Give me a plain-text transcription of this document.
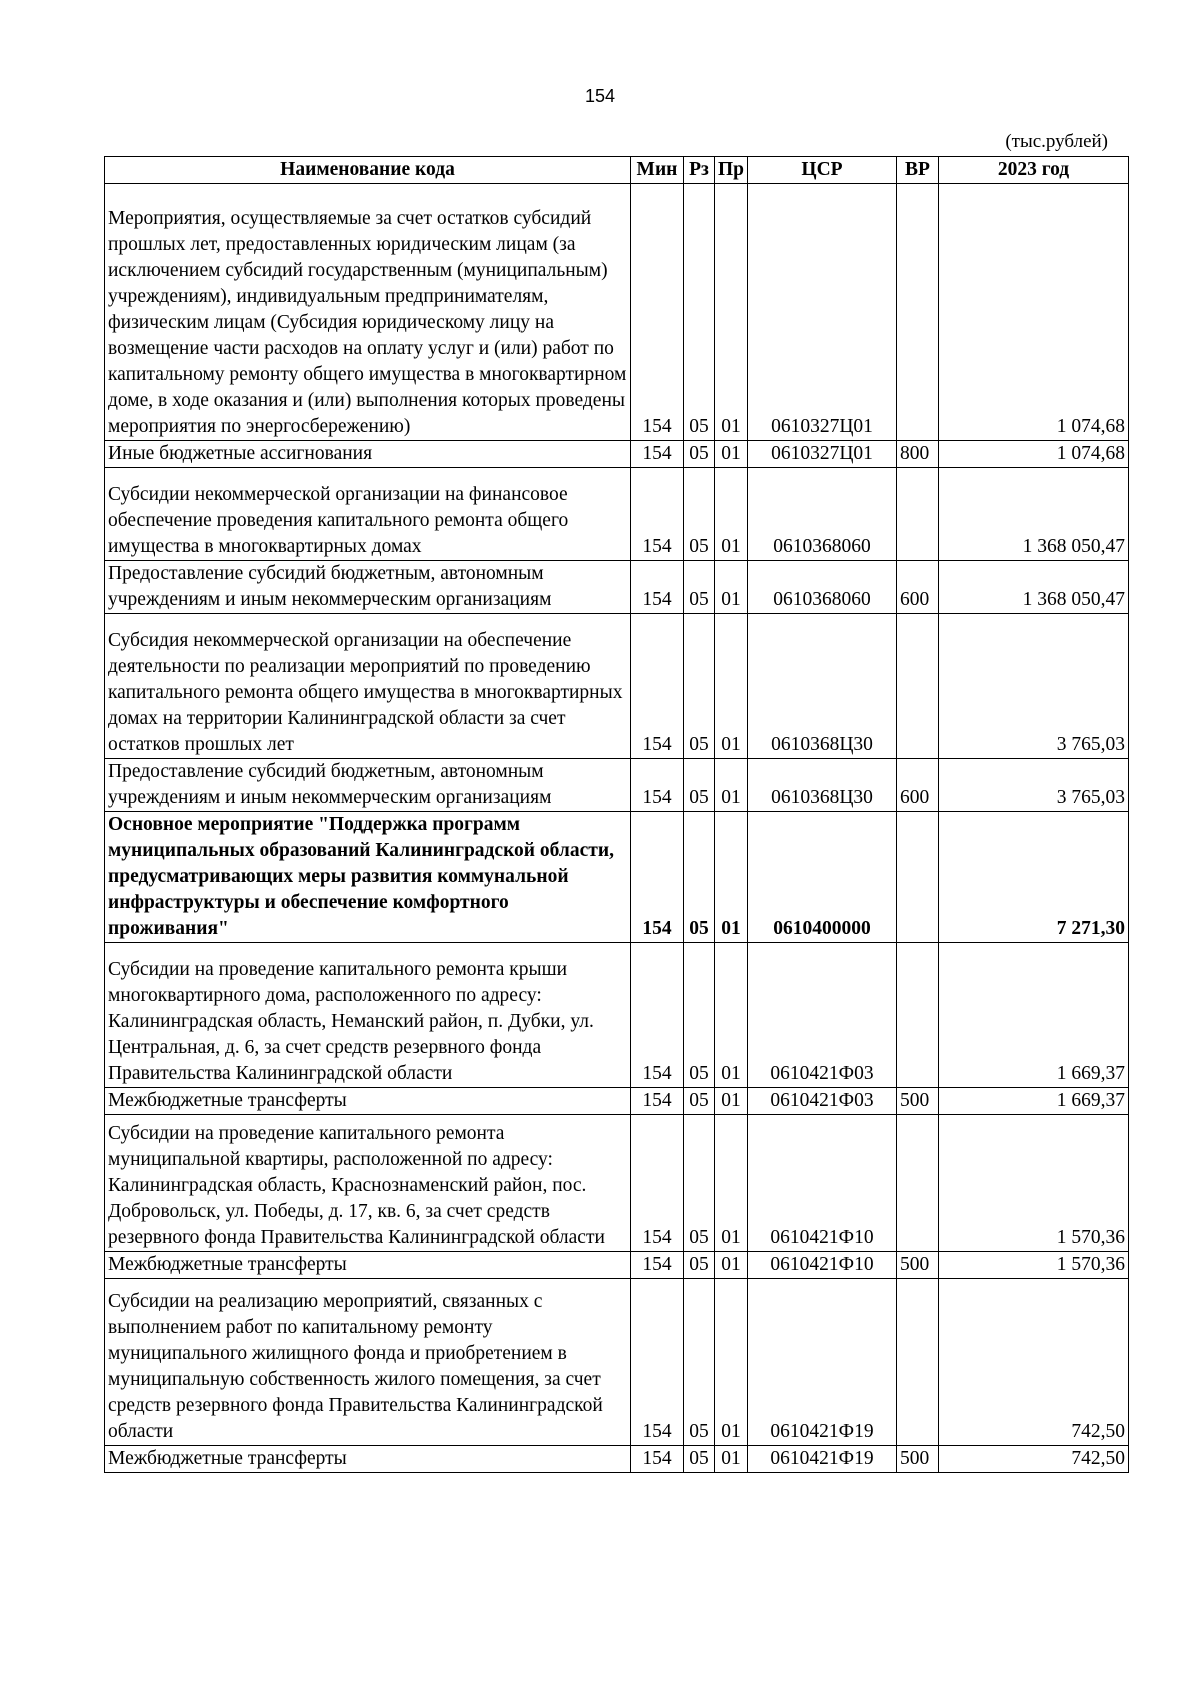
154
(тыс.рублей)
Наименование кода	Мин	Рз	Пр	ЦСР	ВР	2023 год
Мероприятия, осуществляемые за счет остатков субсидий прошлых лет, предоставленных юридическим лицам (за исключением субсидий государственным (муниципальным) учреждениям), индивидуальным предпринимателям, физическим лицам (Субсидия юридическому лицу на возмещение части расходов на оплату услуг и (или) работ по капитальному ремонту общего имущества в многоквартирном доме, в ходе оказания и (или) выполнения которых проведены мероприятия по энергосбережению)	154	05	01	0610327Ц01		1 074,68
Иные бюджетные ассигнования	154	05	01	0610327Ц01	800	1 074,68
Субсидии некоммерческой организации на финансовое обеспечение проведения капитального ремонта общего имущества в многоквартирных домах	154	05	01	0610368060		1 368 050,47
Предоставление субсидий бюджетным, автономным учреждениям и иным некоммерческим организациям	154	05	01	0610368060	600	1 368 050,47
Субсидия некоммерческой организации на обеспечение деятельности по реализации мероприятий по проведению капитального ремонта общего имущества в многоквартирных домах на территории Калининградской области за счет остатков прошлых лет	154	05	01	0610368Ц30		3 765,03
Предоставление субсидий бюджетным, автономным учреждениям и иным некоммерческим организациям	154	05	01	0610368Ц30	600	3 765,03
Основное мероприятие "Поддержка программ муниципальных образований Калининградской области, предусматривающих меры развития коммунальной инфраструктуры и обеспечение комфортного проживания"	154	05	01	0610400000		7 271,30
Субсидии на проведение капитального ремонта крыши многоквартирного дома, расположенного по адресу: Калининградская область, Неманский район, п. Дубки, ул. Центральная, д. 6, за счет средств резервного фонда Правительства Калининградской области	154	05	01	0610421Ф03		1 669,37
Межбюджетные трансферты	154	05	01	0610421Ф03	500	1 669,37
Субсидии на проведение капитального ремонта муниципальной квартиры, расположенной по адресу: Калининградская область, Краснознаменский район, пос. Добровольск, ул. Победы, д. 17, кв. 6, за счет средств резервного фонда Правительства Калининградской области	154	05	01	0610421Ф10		1 570,36
Межбюджетные трансферты	154	05	01	0610421Ф10	500	1 570,36
Субсидии на реализацию мероприятий, связанных с выполнением работ по капитальному ремонту муниципального жилищного фонда и приобретением в муниципальную собственность жилого помещения, за счет средств резервного фонда Правительства Калининградской области	154	05	01	0610421Ф19		742,50
Межбюджетные трансферты	154	05	01	0610421Ф19	500	742,50
